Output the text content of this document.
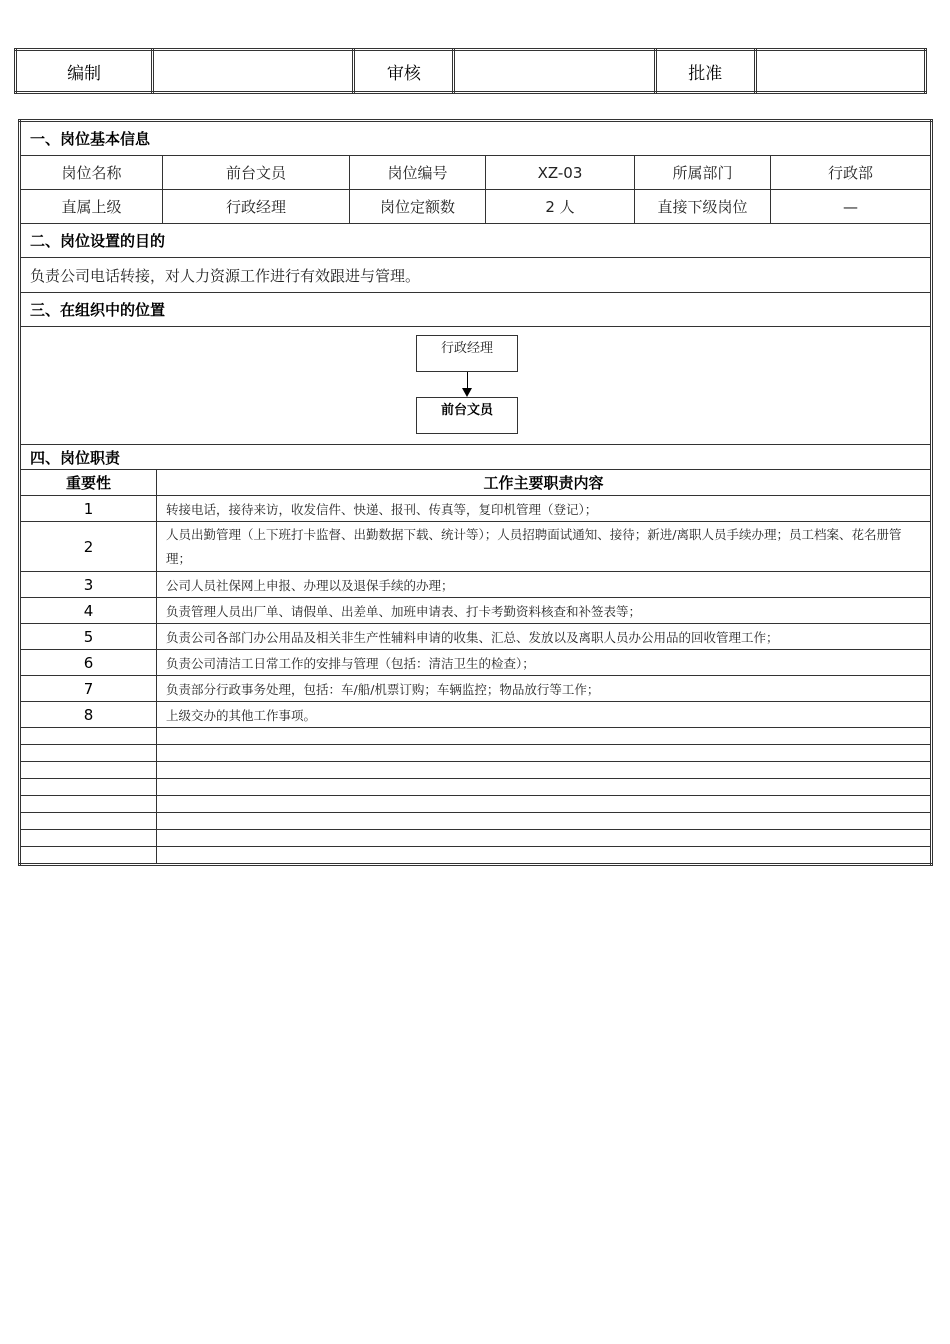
编制		审核		批准	
一、岗位基本信息						
岗位名称		前台文员	岗位编号	XZ-03	所属部门	行政部
直属上级		行政经理	岗位定额数	2 人	直接下级岗位	—
二、岗位设置的目的						
负责公司电话转接，对人力资源工作进行有效跟进与管理。						
三、在组织中的位置						

行政经理
前台文员						

四、岗位职责						
重要性	工作主要职责内容					
1	转接电话，接待来访，收发信件、快递、报刊、传真等，复印机管理（登记）；					
2	人员出勤管理（上下班打卡监督、出勤数据下载、统计等）；人员招聘面试通知、接待；新进/离职人员手续办理；员工档案、花名册管理；					
3	公司人员社保网上申报、办理以及退保手续的办理；					
4	负责管理人员出厂单、请假单、出差单、加班申请表、打卡考勤资料核查和补签表等；					
5	负责公司各部门办公用品及相关非生产性辅料申请的收集、汇总、发放以及离职人员办公用品的回收管理工作；					
6	负责公司清洁工日常工作的安排与管理（包括：清洁卫生的检查）；					
7	负责部分行政事务处理，包括：车/船/机票订购；车辆监控；物品放行等工作；					
8	上级交办的其他工作事项。					
